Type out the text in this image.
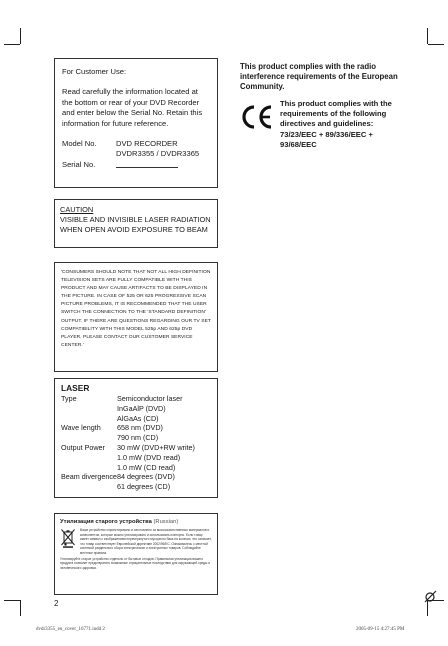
For Customer Use:

Read carefully the information located at the bottom or rear of your DVD Recorder and enter below the Serial No. Retain this information for future reference.

Model No.	DVD RECORDER
DVDR3355 / DVDR3365
Serial No.
This product complies with the radio interference requirements of the European Community.
This product complies with the requirements of the following directives and guidelines: 73/23/EEC + 89/336/EEC + 93/68/EEC
CAUTION
VISIBLE AND INVISIBLE LASER RADIATION WHEN OPEN AVOID EXPOSURE TO BEAM
'CONSUMERS SHOULD NOTE THAT NOT ALL HIGH DEFINITION TELEVISION SETS ARE FULLY COMPATIBLE WITH THIS PRODUCT AND MAY CAUSE ARTIFACTS TO BE DISPLAYED IN THE PICTURE. IN CASE OF 525 OR 625 PROGRESSIVE SCAN PICTURE PROBLEMS, IT IS RECOMMENDED THAT THE USER SWITCH THE CONNECTION TO THE 'STANDARD DEFINITION' OUTPUT. IF THERE ARE QUESTIONS REGARDING OUR TV SET COMPATIBILITY WITH THIS MODEL 525p AND 625p DVD PLAYER, PLEASE CONTACT OUR CUSTOMER SERVICE CENTER.'
LASER
Type	Semiconductor laser
InGaAlP (DVD)
AlGaAs (CD)
Wave length	658 nm (DVD)
790 nm (CD)
Output Power	30 mW (DVD+RW write)
1.0 mW (DVD read)
1.0 mW (CD read)
Beam divergence 84 degrees (DVD)
61 degrees (CD)
Утилизация старого устройства (Russian)
Ваше устройство спроектировано и изготовлено из высококачественных материалов и компонентов, которые можно утилизировать и использовать повторно. Если товар имеет символ с изображением перечеркнутого мусорного бака на колесах, это означает, что товар соответствует Европейской директиве 2002/96/EC. Ознакомьтесь с местной системой раздельного сбора электрических и электронных товаров. Соблюдайте местные правила.
Утилизируйте старое устройство отдельно от бытовых отходов. Правильная утилизация вашего продукта позволит предотвратить возможные отрицательные последствия для окружающей среды и человеческого здоровья.
2
dvdr3355_eu_cover_16771.indd 2	2005-09-15 4:27:45 PM
